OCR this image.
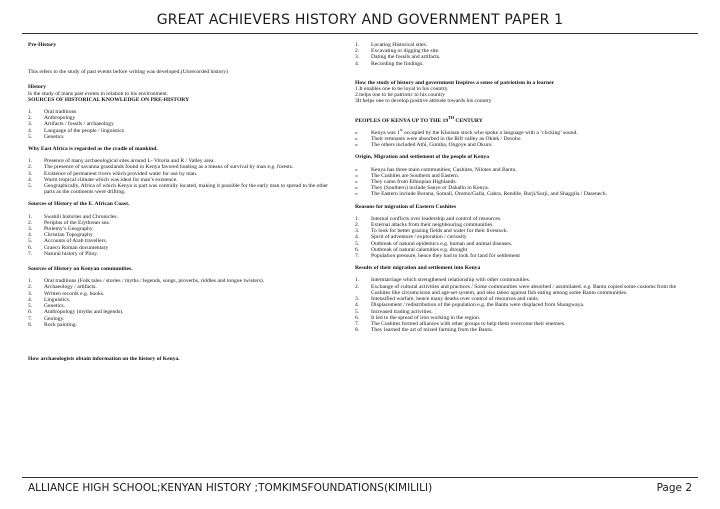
GREAT ACHIEVERS HISTORY AND GOVERNMENT PAPER 1
Pre-History
This refers to the study of past events before writing was developed.(Unrecorded history)
History
Is the study of mans past events in relation to his environment.
SOURCES OF HISTORICAL KNOWLEDGE ON PRE-HISTORY
1. Oral traditions
2. Anthropology
3. Artifacts / fossils / archaeology
4. Language of the people / linguistics
5. Genetics
Why East Africa is regarded as the cradle of mankind.
1. Presence of many archaeological sites around L- Vitoria and R / Valley area.
2. The presence of savanna grasslands found in Kenya favored hunting as a means of survival by man e.g. forests.
3. Existence of permanent rivers which provided water for use by man.
4. Warm tropical climate which was ideal for man’s existence.
5. Geographically, Africa of which Kenya is part was centrally located, making it possible for the early man to spread to the other parts as the continents were drifting.
Sources of History of the E. African Coast.
1. Swahili histories and Chronicles.
2. Periplus of the Erythrean sea.
3. Ptolemy’s Geography
4. Christian Topography
5. Accounts of Arab travellers.
6. Graeco Roman documentary
7. Natural history of Pliny.
Sources of History on Kenyan communities.
1. Oral traditions (Folk tales / stories / myths / legends, songs, proverbs, riddles and tongue twisters).
2. Archaeology / artifacts.
3. Written records e.g. books.
4. Linguistics.
5. Genetics.
6. Anthropology (myths and legends).
7. Geology.
8. Rock painting.
How archaeologists obtain information on the history of Kenya.
1. Locating Historical sites.
2. Excavating or digging the site.
3. Dating the fossils and artifacts.
4. Recording the findings.
How the study of history and government Inspires a sense of patriotism in a learner
1.It enables one to be loyal to his country.
2.helps one to be patriotic to his country
3It helps one to develop positive attitude towards his country
PEOPLES OF KENYA UP TO THE 19TH CENTURY
» Kenya was 1st occupied by the Khoisan stock who spoke a language with a ‘clicking’ sound.
» Their remnants were absorbed in the Rift valley as Okiek / Dorobo
» The others included Athi, Gumba, Ongoye and Okuro.
Origin, Migration and settlement of the people of Kenya
» Kenya has three main communities; Cushites, Nilotes and Bantu.
» The Cushites are Southern and Eastern.
» They came from Ethiopian Highlands.
» They (Southern) include Sanye or Dahallo in Kenya.
» The Eastern include Borana, Somali, Oromo/Galla, Gabra, Rendile, Burji/Surji, and Shaggila / Dasenech.
Reasons for migration of Eastern Cushites
1. Internal conflicts over leadership and control of resources.
2. External attacks from their neighbouring communities.
3. To look for better grazing fields and water for their livestock.
4. Spirit of adventure / exploration / curiosity
5. Outbreak of natural epidemics e.g. human and animal diseases.
6. Outbreak of natural calamities e.g. drought
7. Population pressure, hence they had to look for land for settlement
Results of their migration and settlement into Kenya
1. Intermarriage which strengthened relationship with other communities.
2. Exchange of cultural activities and practices / Some communities were absorbed / assimilated. e.g. Bantu copied some customs from the Cushites like circumcision and age-set system, and also taboo against fish eating among some Bantu communities.
3. Intensified warfare, hence many deaths over control of resources and raids.
4. Displacement / redistribution of the population e.g. the Bantu were displaced from Shungwaya.
5. Increased trading activities.
6. It led to the spread of iron working in the region.
7. The Cushites formed alliances with other groups to help them overcome their enemies.
8. They learned the art of mixed farming from the Bantu.
ALLIANCE HIGH SCHOOL;KENYAN HISTORY ;TOMKIMSFOUNDATIONS(KIMILILI)	Page 2
